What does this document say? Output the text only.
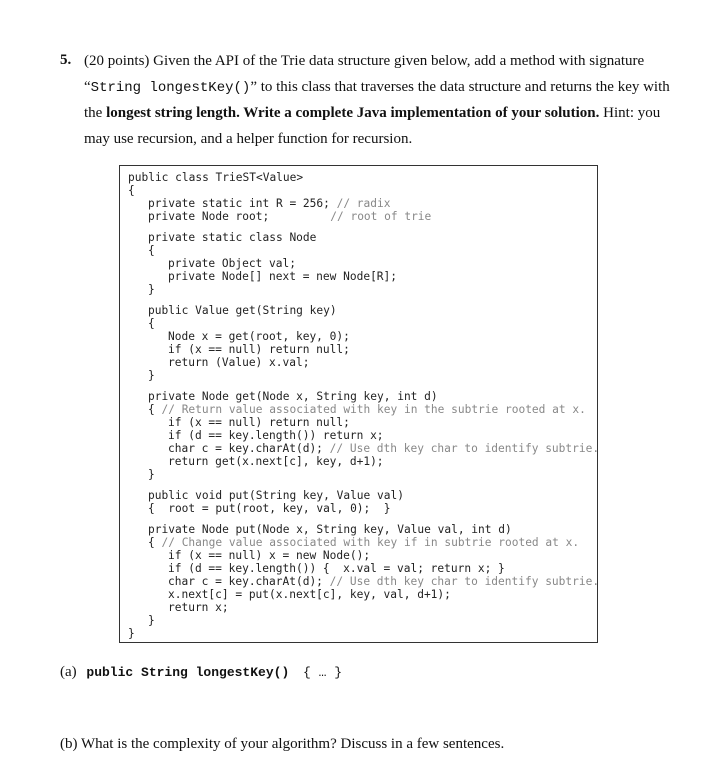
5. (20 points) Given the API of the Trie data structure given below, add a method with signature
“String longestKey()” to this class that traverses the data structure and returns the key with
the longest string length. Write a complete Java implementation of your solution. Hint: you
may use recursion, and a helper function for recursion.
public class TrieST<Value>
{
private static int R = 256; // radix
private Node root;	// root of trie
private static class Node
{
private Object val;
private Node[] next = new Node[R];
}
public Value get(String key)
{
Node x = get(root, key, 0);
if (x == null) return null;
return (Value) x.val;
}
private Node get(Node x, String key, int d)
{ // Return value associated with key in the subtrie rooted at x.
if (x == null) return null;
if (d == key.length()) return x;
char c = key.charAt(d); // Use dth key char to identify subtrie.
return get(x.next[c], key, d+1);
}
public void put(String key, Value val)
{  root = put(root, key, val, 0);  }
private Node put(Node x, String key, Value val, int d)
{ // Change value associated with key if in subtrie rooted at x.
if (x == null) x = new Node();
if (d == key.length()) {  x.val = val; return x; }
char c = key.charAt(d); // Use dth key char to identify subtrie.
x.next[c] = put(x.next[c], key, val, d+1);
return x;
}
}
(a) public String longestKey() { … }
(b) What is the complexity of your algorithm? Discuss in a few sentences.
